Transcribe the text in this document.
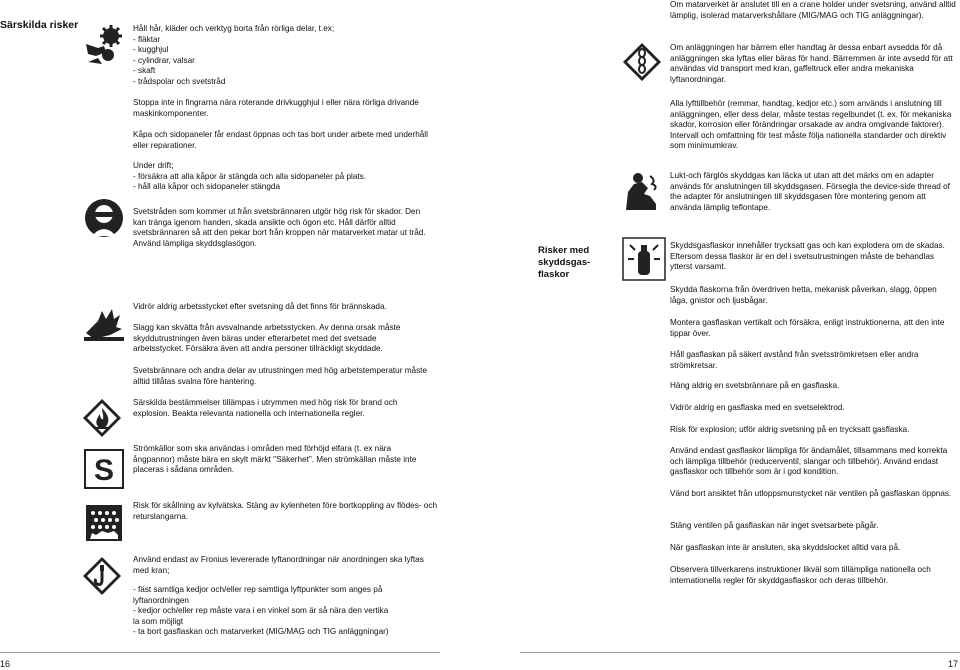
Särskilda risker
S

Håll hår, kläder och verktyg borta från rörliga delar, t.ex;
- fläktar
- kugghjul
- cylindrar, valsar
- skaft
- trådspolar och svetstråd

Stoppa inte in fingrarna nära roterande drivkugghjul i eller nära rörliga drivande maskinkomponenter.

Kåpa och sidopaneler får endast öppnas och tas bort under arbete med underhåll eller reparationer.

Under drift;
- försäkra att alla kåpor är stängda och alla sidopaneler på plats.
- håll alla kåpor och sidopaneler stängda

Svetstråden som kommer ut från svetsbrännaren utgör hög risk för skador. Den kan tränga igenom handen, skada ansikte och ögon etc. Håll därför alltid svetsbrännaren så att den pekar bort från kroppen när matarverket matar ut tråd. Använd lämpliga skyddsglasögon.

Vidrör aldrig arbetsstycket efter svetsning då det finns för brännskada.

Slagg kan skvätta från avsvalnande arbetsstycken. Av denna orsak måste skyddutrustningen även bäras under efterarbetet med det svetsade arbetsstycket. Försäkra även att andra personer tillräckligt skyddade.

Svetsbrännare och andra delar av utrustningen med hög arbetstemperatur måste alltid tillåtas svalna före hantering.

Särskilda bestämmelser tillämpas i utrymmen med hög risk för brand och explosion. Beakta relevanta nationella och internationella regler.

Strömkällor som ska användas i områden med förhöjd elfara (t. ex nära ångpannor) måste bära en skylt märkt "Säkerhet". Men strömkällan måste inte placeras i sådana områden.

Risk för skållning av kylvätska. Stäng av kylenheten före bortkoppling av flödes- och returslangarna.

Använd endast av Fronius levererade lyftanordningar när anordningen ska lyftas med kran;

- fäst samtliga kedjor och/eller rep samtliga lyftpunkter som anges på
lyftanordningen
- kedjor och/eller rep måste vara i en vinkel som är så nära den vertika
la som möjligt
- ta bort gasflaskan och matarverket (MIG/MAG och TIG anläggningar)

16
Risker med skyddsgas-
flaskor

Om matarverket är anslutet till en a crane holder under svetsning, använd alltid lämplig, isolerad matarverkshållare (MIG/MAG och TIG anläggningar).

Om anläggningen har bärrem eller handtag är dessa enbart avsedda för då anläggningen ska lyftas eller bäras för hand. Bärremmen är inte avsedd för att användas vid transport med kran, gaffeltruck eller andra mekaniska lyftanordningar.

Alla lyfttillbehör (remmar, handtag, kedjor etc.) som används i anslutning till anläggningen, eller dess delar, måste testas regelbundet (t. ex. för mekaniska skador, korrosion eller förändringar orsakade av andra omgivande faktorer).
Intervall och omfattning för test måste följa nationella standarder och direktiv som minimumkrav.

Lukt-och färglös skyddgas kan läcka ut utan att det märks om en adapter används för anslutningen till skyddsgasen. Försegla the device-side thread of the adapter för anslutningen till skyddsgasen före montering genom att använda lämplig teflontape.

Skyddsgasflaskor innehåller trycksatt gas och kan explodera om de skadas. Eftersom dessa flaskor är en del i svetsutrustningen måste de behandlas ytterst varsamt.

Skydda flaskorna från överdriven hetta, mekanisk påverkan, slagg, öppen låga, gnistor och ljusbågar.

Montera gasflaskan vertikalt och försäkra, enligt instruktionerna, att den inte tippar över.

Håll gasflaskan på säkert avstånd från svetsströmkretsen eller andra strömkretsar.

Häng aldrig en svetsbrännare på en gasflaska.

Vidrör aldrig en gasflaska med en svetselektrod.

Risk för explosion; utför aldrig svetsning på en trycksatt gasflaska.

Använd endast gasflaskor lämpliga för ändamålet, tillsammans med korrekta och lämpliga tillbehör (reducerventil, slangar och tillbehör). Använd endast gasflaskor och tillbehör som är i god kondition.

Vänd bort ansiktet från utloppsmunstycket när ventilen på gasflaskan öppnas.

Stäng ventilen på gasflaskan när inget svetsarbete pågår.

När gasflaskan inte är ansluten, ska skyddslocket alltid vara på.

Observera tillverkarens instruktioner likväl som tillämpliga nationella och internationella regler för skyddgasflaskor och deras tillbehör.

17
